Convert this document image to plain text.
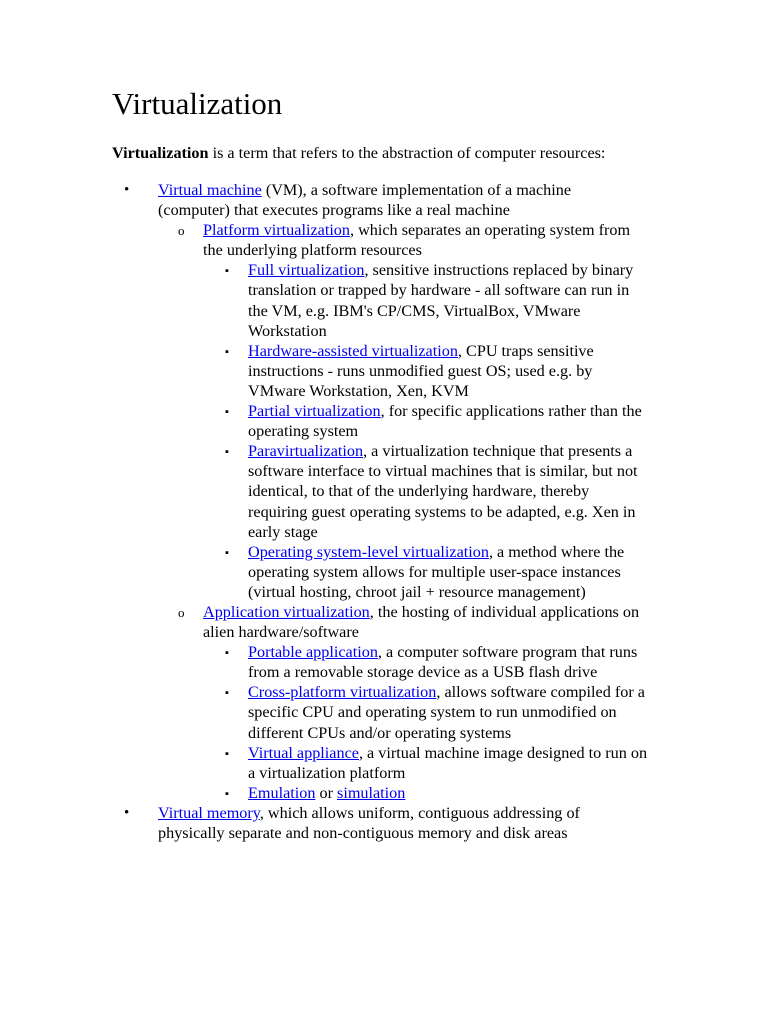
Virtualization

Virtualization is a term that refers to the abstraction of computer resources:

• Virtual machine (VM), a software implementation of a machine (computer) that executes programs like a real machine
o Platform virtualization, which separates an operating system from the underlying platform resources
▪ Full virtualization, sensitive instructions replaced by binary translation or trapped by hardware - all software can run in the VM, e.g. IBM's CP/CMS, VirtualBox, VMware Workstation
▪ Hardware-assisted virtualization, CPU traps sensitive instructions - runs unmodified guest OS; used e.g. by VMware Workstation, Xen, KVM
▪ Partial virtualization, for specific applications rather than the operating system
▪ Paravirtualization, a virtualization technique that presents a software interface to virtual machines that is similar, but not identical, to that of the underlying hardware, thereby requiring guest operating systems to be adapted, e.g. Xen in early stage
▪ Operating system-level virtualization, a method where the operating system allows for multiple user-space instances (virtual hosting, chroot jail + resource management)
o Application virtualization, the hosting of individual applications on alien hardware/software
▪ Portable application, a computer software program that runs from a removable storage device as a USB flash drive
▪ Cross-platform virtualization, allows software compiled for a specific CPU and operating system to run unmodified on different CPUs and/or operating systems
▪ Virtual appliance, a virtual machine image designed to run on a virtualization platform
▪ Emulation or simulation
• Virtual memory, which allows uniform, contiguous addressing of physically separate and non-contiguous memory and disk areas
